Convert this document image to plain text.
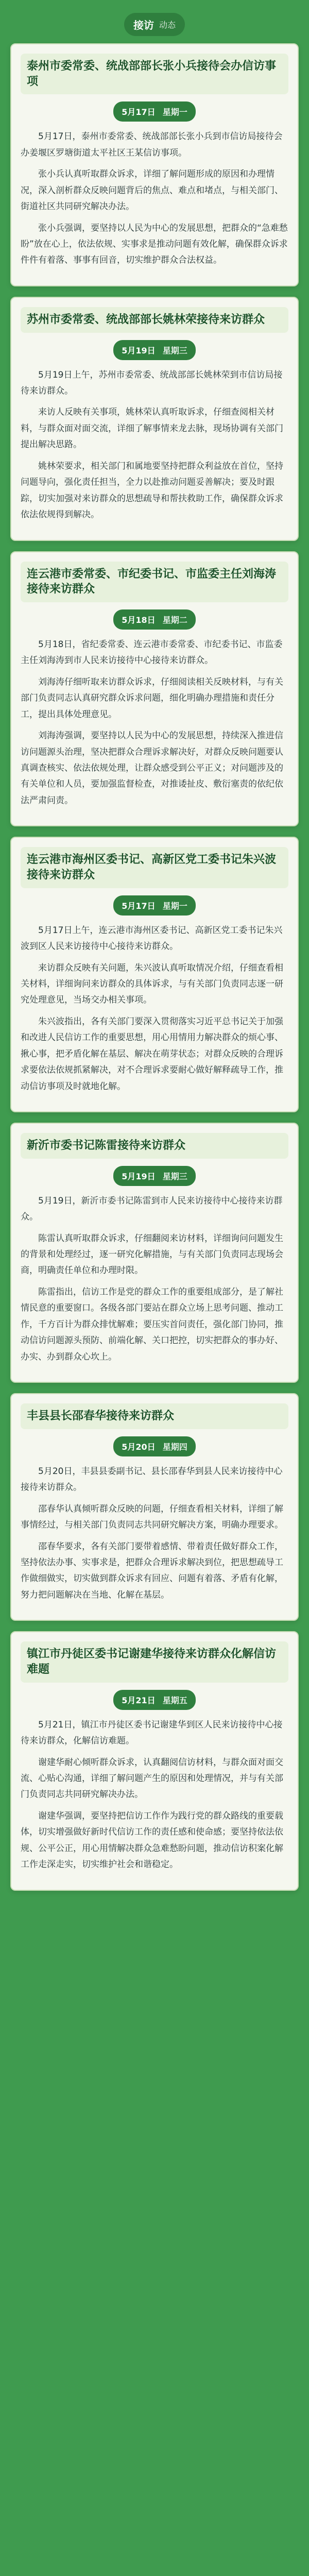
接访 动态
泰州市委常委、统战部部长张小兵接待会办信访事项
5月17日 星期一

5月17日，泰州市委常委、统战部部长张小兵到市信访局接待会办姜堰区罗塘街道太平社区王某信访事项。

张小兵认真听取群众诉求，详细了解问题形成的原因和办理情况，深入剖析群众反映问题背后的焦点、难点和堵点，与相关部门、街道社区共同研究解决办法。

张小兵强调，要坚持以人民为中心的发展思想，把群众的“急难愁盼”放在心上，依法依规、实事求是推动问题有效化解，确保群众诉求件件有着落、事事有回音，切实维护群众合法权益。

苏州市委常委、统战部部长姚林荣接待来访群众
5月19日 星期三

5月19日上午，苏州市委常委、统战部部长姚林荣到市信访局接待来访群众。

来访人反映有关事项，姚林荣认真听取诉求，仔细查阅相关材料，与群众面对面交流，详细了解事情来龙去脉，现场协调有关部门提出解决思路。

姚林荣要求，相关部门和属地要坚持把群众利益放在首位，坚持问题导向，强化责任担当，全力以赴推动问题妥善解决；要及时跟踪，切实加强对来访群众的思想疏导和帮扶救助工作，确保群众诉求依法依规得到解决。

连云港市委常委、市纪委书记、市监委主任刘海涛接待来访群众
5月18日 星期二

5月18日，省纪委常委、连云港市委常委、市纪委书记、市监委主任刘海涛到市人民来访接待中心接待来访群众。

刘海涛仔细听取来访群众诉求，仔细阅读相关反映材料，与有关部门负责同志认真研究群众诉求问题，细化明确办理措施和责任分工，提出具体处理意见。

刘海涛强调，要坚持以人民为中心的发展思想，持续深入推进信访问题源头治理，坚决把群众合理诉求解决好，对群众反映问题要认真调查核实、依法依规处理，让群众感受到公平正义；对问题涉及的有关单位和人员，要加强监督检查，对推诿扯皮、敷衍塞责的依纪依法严肃问责。

连云港市海州区委书记、高新区党工委书记朱兴波接待来访群众
5月17日 星期一

5月17日上午，连云港市海州区委书记、高新区党工委书记朱兴波到区人民来访接待中心接待来访群众。

来访群众反映有关问题，朱兴波认真听取情况介绍，仔细查看相关材料，详细询问来访群众的具体诉求，与有关部门负责同志逐一研究处理意见，当场交办相关事项。

朱兴波指出，各有关部门要深入贯彻落实习近平总书记关于加强和改进人民信访工作的重要思想，用心用情用力解决群众的烦心事、揪心事，把矛盾化解在基层、解决在萌芽状态；对群众反映的合理诉求要依法依规抓紧解决，对不合理诉求要耐心做好解释疏导工作，推动信访事项及时就地化解。

新沂市委书记陈雷接待来访群众
5月19日 星期三

5月19日，新沂市委书记陈雷到市人民来访接待中心接待来访群众。

陈雷认真听取群众诉求，仔细翻阅来访材料，详细询问问题发生的背景和处理经过，逐一研究化解措施，与有关部门负责同志现场会商，明确责任单位和办理时限。

陈雷指出，信访工作是党的群众工作的重要组成部分，是了解社情民意的重要窗口。各级各部门要站在群众立场上思考问题、推动工作，千方百计为群众排忧解难；要压实首问责任，强化部门协同，推动信访问题源头预防、前端化解、关口把控，切实把群众的事办好、办实、办到群众心坎上。

丰县县长邵春华接待来访群众
5月20日 星期四

5月20日，丰县县委副书记、县长邵春华到县人民来访接待中心接待来访群众。

邵春华认真倾听群众反映的问题，仔细查看相关材料，详细了解事情经过，与相关部门负责同志共同研究解决方案，明确办理要求。

邵春华要求，各有关部门要带着感情、带着责任做好群众工作，坚持依法办事、实事求是，把群众合理诉求解决到位，把思想疏导工作做细做实，切实做到群众诉求有回应、问题有着落、矛盾有化解，努力把问题解决在当地、化解在基层。

镇江市丹徒区委书记谢建华接待来访群众化解信访难题
5月21日 星期五

5月21日，镇江市丹徒区委书记谢建华到区人民来访接待中心接待来访群众，化解信访难题。

谢建华耐心倾听群众诉求，认真翻阅信访材料，与群众面对面交流、心贴心沟通，详细了解问题产生的原因和处理情况，并与有关部门负责同志共同研究解决办法。

谢建华强调，要坚持把信访工作作为践行党的群众路线的重要载体，切实增强做好新时代信访工作的责任感和使命感；要坚持依法依规、公平公正，用心用情解决群众急难愁盼问题，推动信访积案化解工作走深走实，切实维护社会和谐稳定。
